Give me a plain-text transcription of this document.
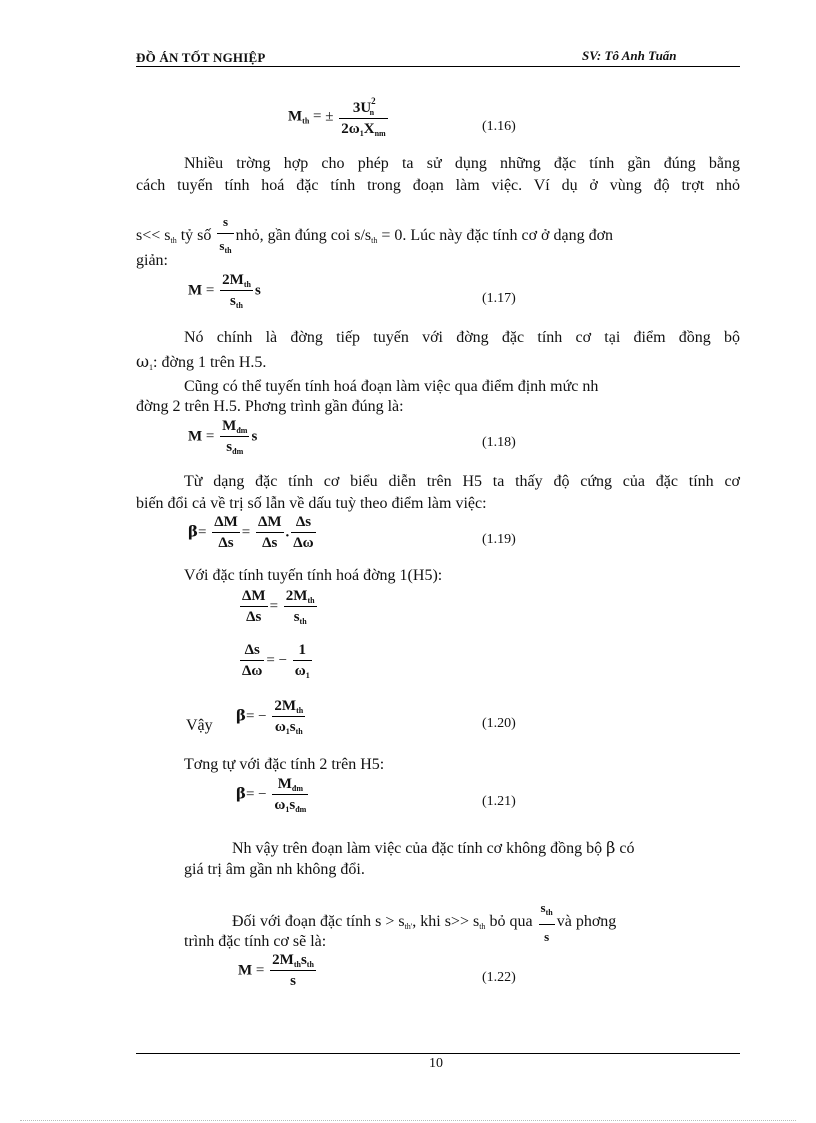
ĐỒ ÁN TỐT NGHIỆP	SV: Tô Anh Tuấn
$M_{th}$ = ± $\frac{3U^2_n}{2\omega_1X_{nm}}$	(1.16)
Nhiều trờng hợp cho phép ta sử dụng những đặc tính gần đúng bằng
cách tuyến tính hoá đặc tính trong đoạn làm việc. Ví dụ ở vùng độ trợt nhỏ
$s<< s_{th}$ tỷ số $\frac{s}{s_{th}}$ nhỏ, gần đúng coi $s/s_{th} = 0$. Lúc này đặc tính cơ ở dạng đơn
giản:
$M = \frac{2M_{th}}{s_{th}}$ s
(1.17)
Nó chính là đờng tiếp tuyến với đờng đặc tính cơ tại điểm đồng bộ
$\omega_1$: đờng 1 trên H.5.
Cũng có thể tuyến tính hoá đoạn làm việc qua điểm định mức nh
đờng 2 trên H.5. Phơng trình gần đúng là:
$M = \frac{M_{đm}}{s_{đm}}$ s	(1.18)
Từ dạng đặc tính cơ biểu diễn trên H5 ta thấy độ cứng của đặc tính cơ
biến đổi cả về trị số lẫn về dấu tuỳ theo điểm làm việc:
$\beta= \frac{\Delta M}{\Delta s} = \frac{\Delta M}{\Delta s}$ . $\frac{\Delta s}{\Delta\omega}$	(1.19)
Với đặc tính tuyến tính hoá đờng 1(H5):
$\frac{\Delta M}{\Delta s} = \frac{2M_{th}}{s_{th}}$
$\frac{\Delta s}{\Delta\omega}$ = − $\frac{1}{\omega_1}$
Vậy
$\beta= - \frac{2M_{th}}{\omega_1s_{th}}$	(1.20)
Tơng tự với đặc tính 2 trên H5:
$\beta= - \frac{M_{đm}}{\omega_1s_{đm}}$	(1.21)
Nh vậy trên đoạn làm việc của đặc tính cơ không đồng bộ β có
giá trị âm gần nh không đổi.
Đối với đoạn đặc tính $s > s_{th'}$, khi $s>> s_{th}$ bỏ qua $\frac{s_{th}}{s}$ và phơng
trình đặc tính cơ sẽ là:
$M = \frac{2M_{th}s_{th}}{s}$	(1.22)
10
